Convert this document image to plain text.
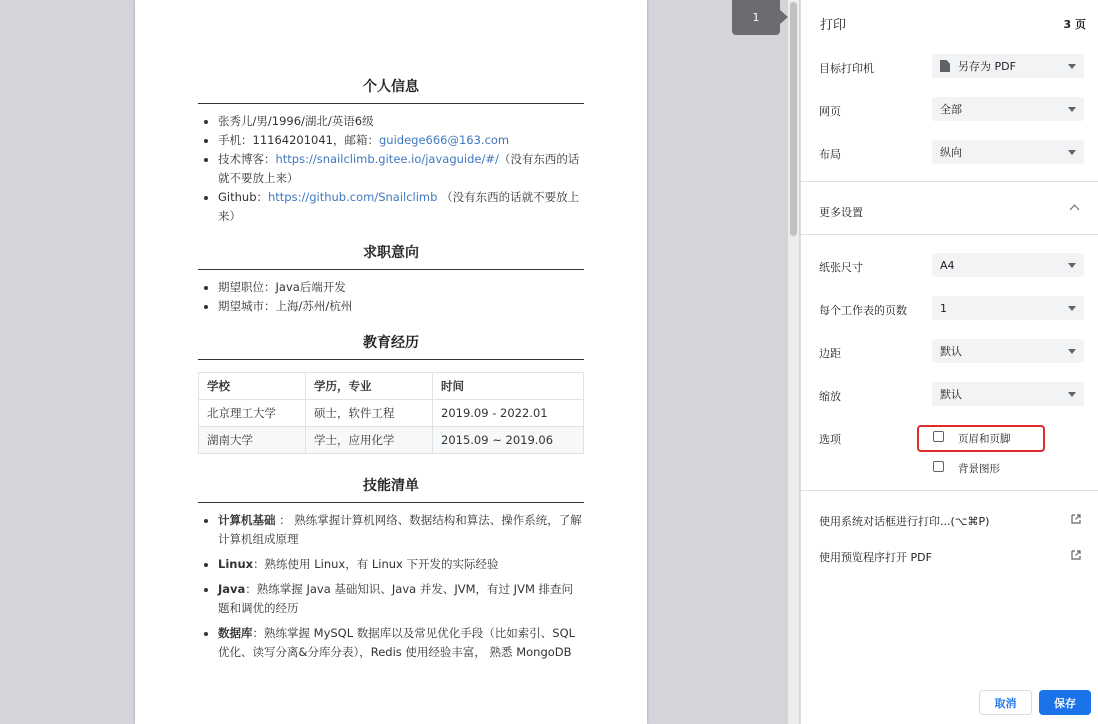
个人信息
• 张秀儿/男/1996/湖北/英语6级
• 手机：11164201041，邮箱：guidege666@163.com
• 技术博客：https://snailclimb.gitee.io/javaguide/#/（没有东西的话就不要放上来）
• Github：https://github.com/Snailclimb （没有东西的话就不要放上来）
求职意向
• 期望职位：Java后端开发
• 期望城市：上海/苏州/杭州
教育经历
学校	学历，专业	时间
北京理工大学	硕士，软件工程	2019.09 - 2022.01
湖南大学	学士，应用化学	2015.09 ~ 2019.06
技能清单
• 计算机基础 ： 熟练掌握计算机网络、数据结构和算法、操作系统，了解计算机组成原理
• Linux：熟练使用 Linux，有 Linux 下开发的实际经验
• Java：熟练掌握 Java 基础知识、Java 并发、JVM，有过 JVM 排查问题和调优的经历
• 数据库：熟练掌握 MySQL 数据库以及常见优化手段（比如索引、SQL 优化、读写分离&分库分表），Redis 使用经验丰富， 熟悉 MongoDB
1
打印	3 页
目标打印机	另存为 PDF
网页	全部
布局	纵向
更多设置
纸张尺寸	A4
每个工作表的页数	1
边距	默认
缩放	默认
选项	页眉和页脚
背景图形
使用系统对话框进行打印...(⌥⌘P)
使用预览程序打开 PDF
取消	保存
